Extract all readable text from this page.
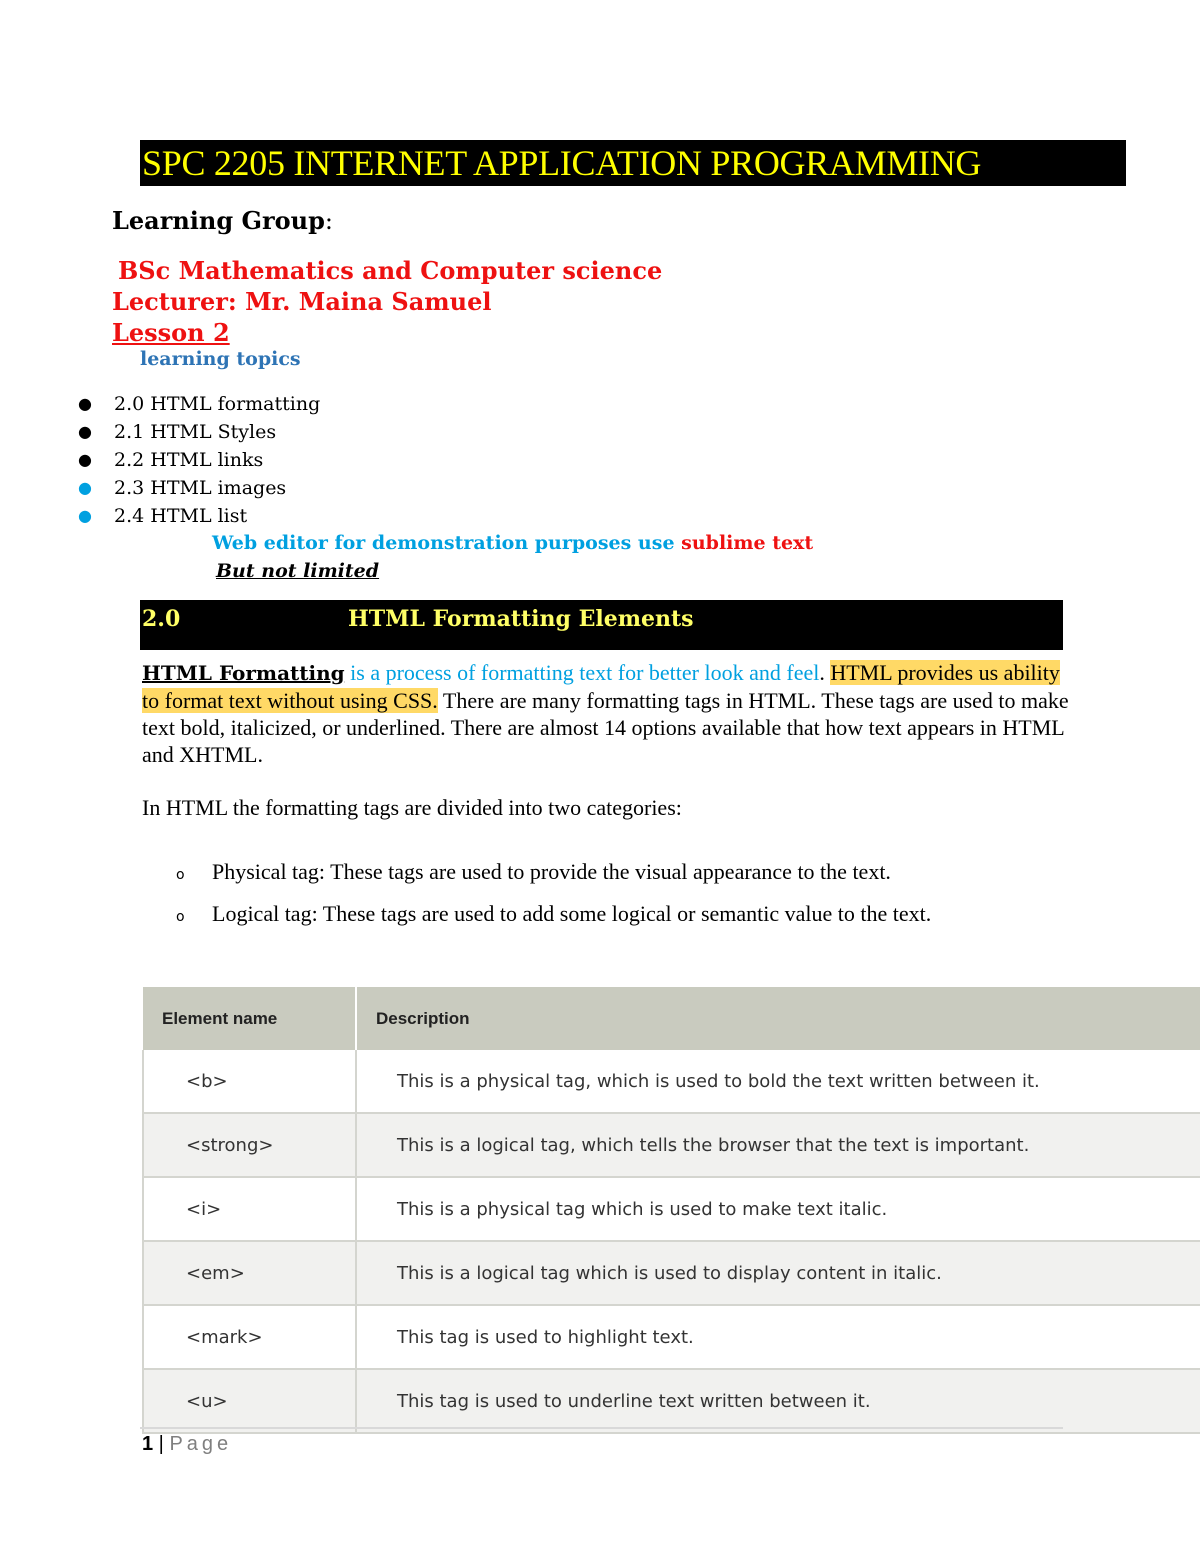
SPC 2205 INTERNET APPLICATION PROGRAMMING
Learning Group:
BSc Mathematics and Computer science
Lecturer: Mr. Maina Samuel
Lesson 2
learning topics
● 2.0 HTML formatting
● 2.1 HTML Styles
● 2.2 HTML links
● 2.3 HTML images
● 2.4 HTML list
Web editor for demonstration purposes use sublime text
But not limited
2.0	HTML Formatting Elements
HTML Formatting is a process of formatting text for better look and feel. HTML provides us ability to format text without using CSS. There are many formatting tags in HTML. These tags are used to make text bold, italicized, or underlined. There are almost 14 options available that how text appears in HTML and XHTML.
In HTML the formatting tags are divided into two categories:
o Physical tag: These tags are used to provide the visual appearance to the text.
o Logical tag: These tags are used to add some logical or semantic value to the text.
Element name	Description
<b>	This is a physical tag, which is used to bold the text written between it.
<strong>	This is a logical tag, which tells the browser that the text is important.
<i>	This is a physical tag which is used to make text italic.
<em>	This is a logical tag which is used to display content in italic.
<mark>	This tag is used to highlight text.
<u>	This tag is used to underline text written between it.
1 | Page
